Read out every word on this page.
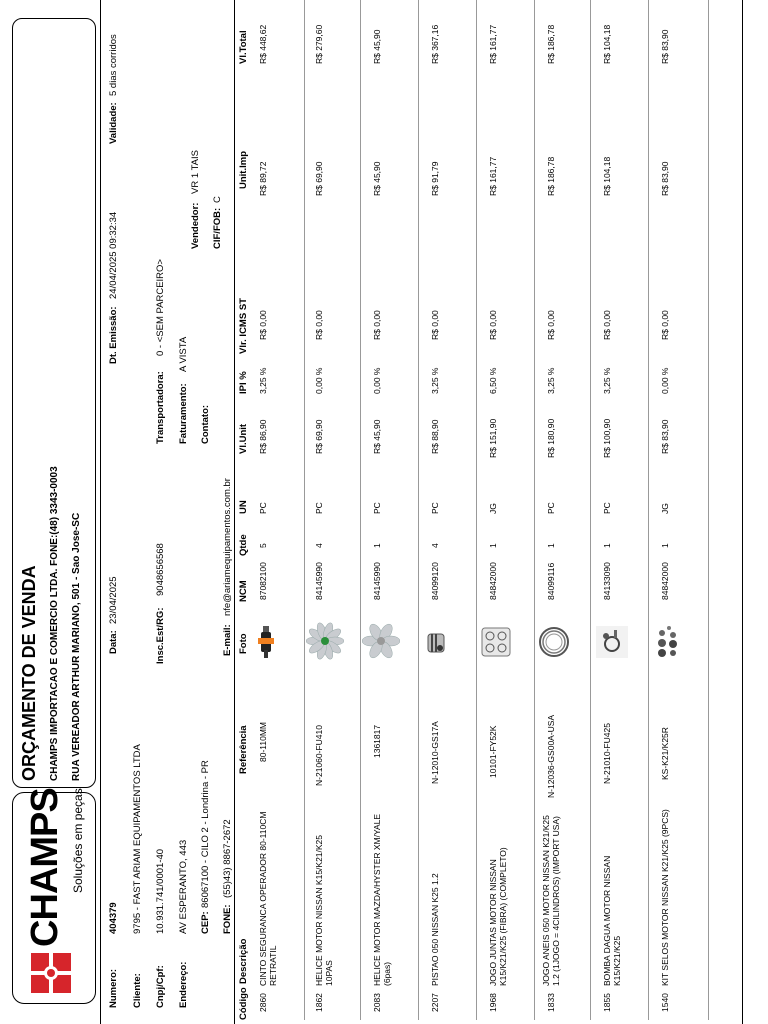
CHAMPS Soluções em peças
ORÇAMENTO DE VENDA CHAMPS IMPORTACAO E COMERCIO LTDA. FONE:(48) 3343-0003 RUA VEREADOR ARTHUR MARIANO, 501 - Sao Jose-SC
Numero:
404379
Data:
23/04/2025
Dt. Emissão:
24/04/2025 09:32:34
Validade:
5 dias corridos
Cliente:
9795 - FAST ARIAM EQUIPAMENTOS LTDA
Cnpj/Cpf:
10.931.741/0001-40
Insc.Est/RG:
9048656568
Transportadora:
0 - <SEM PARCEIRO>
Endereço:
AV ESPERANTO, 443
Faturamento:
A VISTA
Vendedor:
VR 1 TAIS
CEP:
86067100 - CILO 2 - Londrina - PR
Contato:
CIF/FOB:
C
FONE:
(55)43) 8867-2672
E-mail:
nfe@ariamequipamentos.com.br
Código
Descrição
Referência
Foto
NCM
Qtde
UN
Vl.Unit
IPI %
Vlr. ICMS ST
Unit.Imp
Vl.Total
2860
CINTO SEGURANCA OPERADOR 80-110CM RETRATIL
80-110MM
87082100
5
PC
R$ 86,90
3,25 %
R$ 0,00
R$ 89,72
R$ 448,62
1862
HELICE MOTOR NISSAN K15/K21/K25 10PAS
N-21060-FU410
84145990
4
PC
R$ 69,90
0,00 %
R$ 0,00
R$ 69,90
R$ 279,60
2083
HELICE MOTOR MAZDA/HYSTER XM/YALE (6pas)
1361817
84145990
1
PC
R$ 45,90
0,00 %
R$ 0,00
R$ 45,90
R$ 45,90
2207
PISTAO 050 NISSAN K25 1.2
N-12010-GS17A
84099120
4
PC
R$ 88,90
3,25 %
R$ 0,00
R$ 91,79
R$ 367,16
1968
JOGO JUNTAS MOTOR NISSAN K15/K21/K25 (FIBRA) (COMPLETO)
10101-FY52K
84842000
1
JG
R$ 151,90
6,50 %
R$ 0,00
R$ 161,77
R$ 161,77
1833
JOGO ANEIS 050 MOTOR NISSAN K21/K25 1.2 (1JOGO = 4CILINDROS) (IMPORT USA)
N-12036-GS00A-USA
84099116
1
PC
R$ 180,90
3,25 %
R$ 0,00
R$ 186,78
R$ 186,78
1855
BOMBA DAGUA MOTOR NISSAN K15/K21/K25
N-21010-FU425
84133090
1
PC
R$ 100,90
3,25 %
R$ 0,00
R$ 104,18
R$ 104,18
1540
KIT SELOS MOTOR NISSAN K21/K25 (9PCS)
KS-K21/K25R
84842000
1
JG
R$ 83,90
0,00 %
R$ 0,00
R$ 83,90
R$ 83,90
